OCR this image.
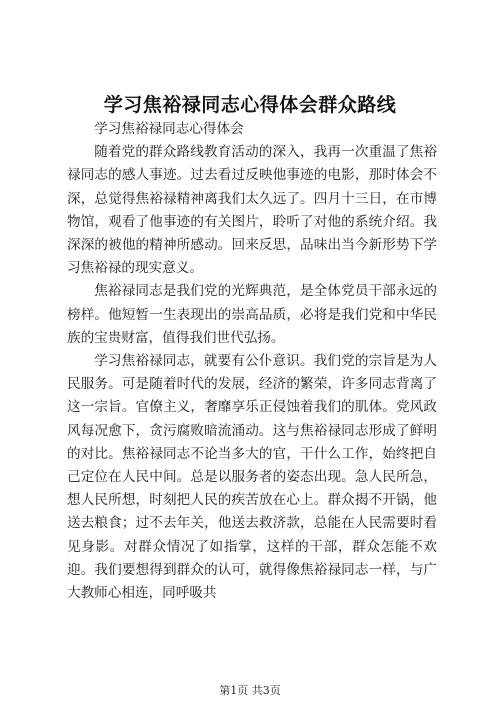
学习焦裕禄同志心得体会群众路线

学习焦裕禄同志心得体会

随着党的群众路线教育活动的深入，我再一次重温了焦裕禄同志的感人事迹。过去看过反映他事迹的电影，那时体会不深，总觉得焦裕禄精神离我们太久远了。四月十三日，在市博物馆，观看了他事迹的有关图片，聆听了对他的系统介绍。我深深的被他的精神所感动。回来反思，品味出当今新形势下学习焦裕禄的现实意义。

焦裕禄同志是我们党的光辉典范，是全体党员干部永远的榜样。他短暂一生表现出的崇高品质，必将是我们党和中华民族的宝贵财富，值得我们世代弘扬。

学习焦裕禄同志，就要有公仆意识。我们党的宗旨是为人民服务。可是随着时代的发展，经济的繁荣，许多同志背离了这一宗旨。官僚主义，奢靡享乐正侵蚀着我们的肌体。党风政风每况愈下，贪污腐败暗流涌动。这与焦裕禄同志形成了鲜明的对比。焦裕禄同志不论当多大的官，干什么工作，始终把自己定位在人民中间。总是以服务者的姿态出现。急人民所急，想人民所想，时刻把人民的疾苦放在心上。群众揭不开锅，他送去粮食；过不去年关，他送去救济款，总能在人民需要时看见身影。对群众情况了如指掌，这样的干部，群众怎能不欢迎。我们要想得到群众的认可，就得像焦裕禄同志一样，与广大教师心相连，同呼吸共

第1页 共3页
